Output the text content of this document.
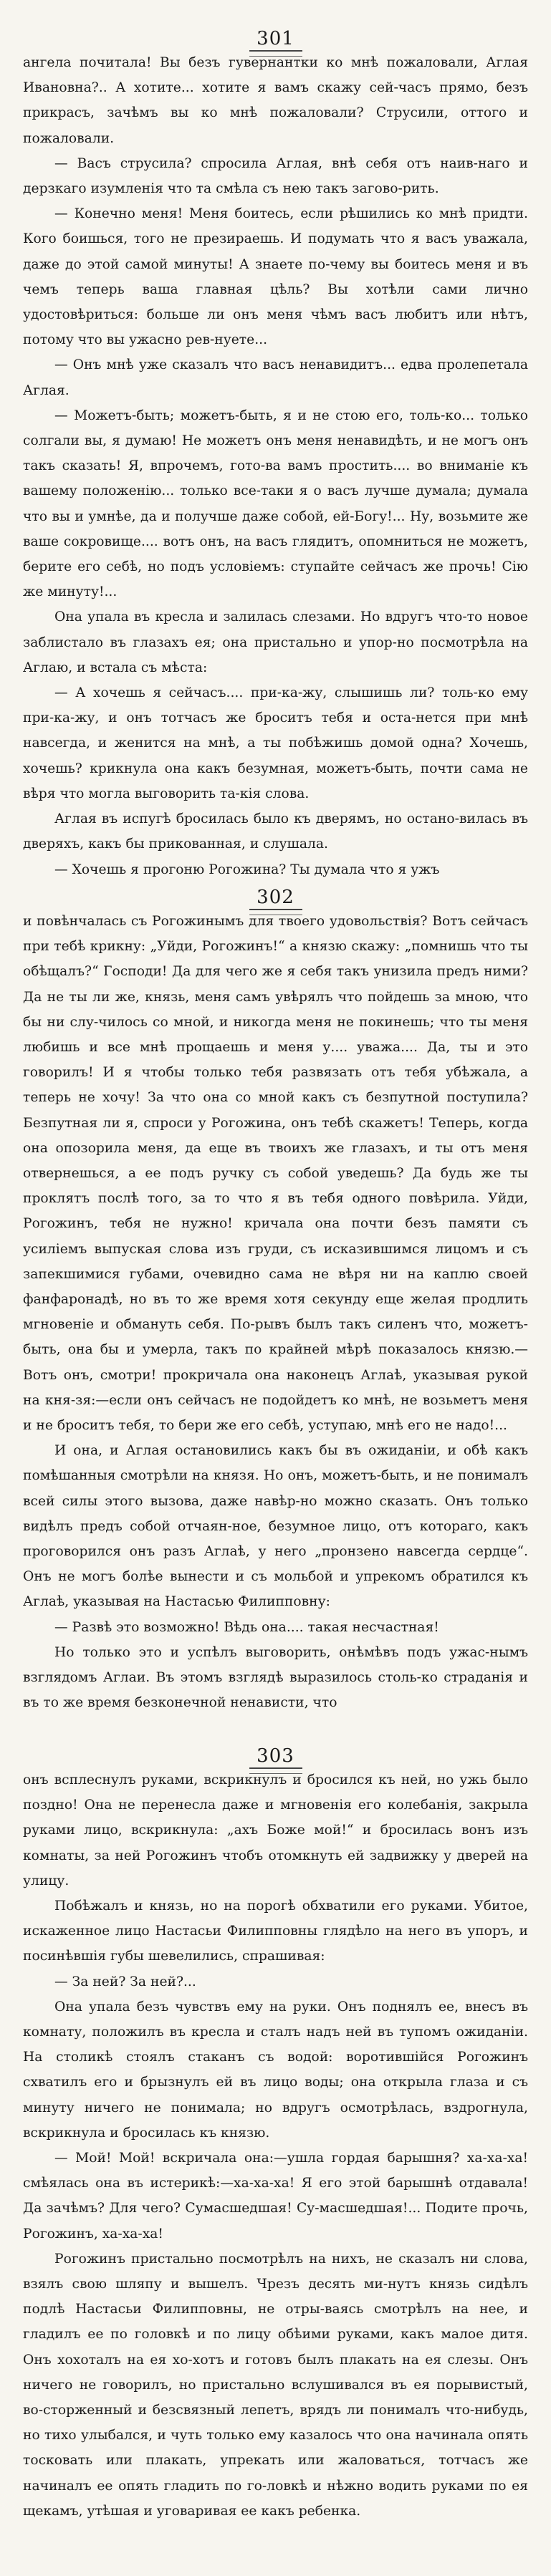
301

ангела почитала! Вы безъ гувернантки ко мнѣ пожаловали, Аглая Ивановна?.. А хотите... хотите я вамъ скажу сей-часъ прямо, безъ прикрасъ, зачѣмъ вы ко мнѣ пожаловали? Струсили, оттого и пожаловали.

— Васъ струсила? спросила Аглая, внѣ себя отъ наив-наго и дерзкаго изумленія что та смѣла съ нею такъ загово-рить.

— Конечно меня! Меня боитесь, если рѣшились ко мнѣ придти. Кого боишься, того не презираешь. И подумать что я васъ уважала, даже до этой самой минуты! А знаете по-чему вы боитесь меня и въ чемъ теперь ваша главная цѣль? Вы хотѣли сами лично удостовѣриться: больше ли онъ меня чѣмъ васъ любитъ или нѣтъ, потому что вы ужасно рев-нуете...

— Онъ мнѣ уже сказалъ что васъ ненавидитъ... едва пролепетала Аглая.

— Можетъ-быть; можетъ-быть, я и не стою его, толь-ко... только солгали вы, я думаю! Не можетъ онъ меня ненавидѣть, и не могъ онъ такъ сказать! Я, впрочемъ, гото-ва вамъ простить.... во вниманіе къ вашему положенію... только все-таки я о васъ лучше думала; думала что вы и умнѣе, да и получше даже собой, ей-Богу!... Ну, возьмите же ваше сокровище.... вотъ онъ, на васъ глядитъ, опомниться не можетъ, берите его себѣ, но подъ условіемъ: ступайте сейчасъ же прочь! Сію же минуту!...

Она упала въ кресла и залилась слезами. Но вдругъ что-то новое заблистало въ глазахъ ея; она пристально и упор-но посмотрѣла на Аглаю, и встала съ мѣста:

— А хочешь я сейчасъ.... при-ка-жу, слышишь ли? толь-ко ему при-ка-жу, и онъ тотчасъ же броситъ тебя и оста-нется при мнѣ навсегда, и женится на мнѣ, а ты побѣжишь домой одна? Хочешь, хочешь? крикнула она какъ безумная, можетъ-быть, почти сама не вѣря что могла выговорить та-кія слова.

Аглая въ испугѣ бросилась было къ дверямъ, но остано-вилась въ дверяхъ, какъ бы прикованная, и слушала.

— Хочешь я прогоню Рогожина? Ты думала что я ужъ

302

и повѣнчалась съ Рогожинымъ для твоего удовольствія? Вотъ сейчасъ при тебѣ крикну: „Уйди, Рогожинъ!“ а князю скажу: „помнишь что ты обѣщалъ?“ Господи! Да для чего же я себя такъ унизила предъ ними? Да не ты ли же, князь, меня самъ увѣрялъ что пойдешь за мною, что бы ни слу-чилось со мной, и никогда меня не покинешь; что ты меня любишь и все мнѣ прощаешь и меня у.... уважа.... Да, ты и это говорилъ! И я чтобы только тебя развязать отъ тебя убѣжала, а теперь не хочу! За что она со мной какъ съ безпутной поступила? Безпутная ли я, спроси у Рогожина, онъ тебѣ скажетъ! Теперь, когда она опозорила меня, да еще въ твоихъ же глазахъ, и ты отъ меня отвернешься, а ее подъ ручку съ собой уведешь? Да будь же ты проклятъ послѣ того, за то что я въ тебя одного повѣрила. Уйди, Рогожинъ, тебя не нужно! кричала она почти безъ памяти съ усиліемъ выпуская слова изъ груди, съ исказившимся лицомъ и съ запекшимися губами, очевидно сама не вѣря ни на каплю своей фанфаронадѣ, но въ то же время хотя секунду еще желая продлить мгновеніе и обмануть себя. По-рывъ былъ такъ силенъ что, можетъ-быть, она бы и умерла, такъ по крайней мѣрѣ показалось князю.—Вотъ онъ, смотри! прокричала она наконецъ Аглаѣ, указывая рукой на кня-зя:—если онъ сейчасъ не подойдетъ ко мнѣ, не возьметъ меня и не броситъ тебя, то бери же его себѣ, уступаю, мнѣ его не надо!...

И она, и Аглая остановились какъ бы въ ожиданіи, и обѣ какъ помѣшанныя смотрѣли на князя. Но онъ, можетъ-быть, и не понималъ всей силы этого вызова, даже навѣр-но можно сказать. Онъ только видѣлъ предъ собой отчаян-ное, безумное лицо, отъ котораго, какъ проговорился онъ разъ Аглаѣ, у него „пронзено навсегда сердце“. Онъ не могъ болѣе вынести и съ мольбой и упрекомъ обратился къ Аглаѣ, указывая на Настасью Филипповну:

— Развѣ это возможно! Вѣдь она.... такая несчастная!

Но только это и успѣлъ выговорить, онѣмѣвъ подъ ужас-нымъ взглядомъ Аглаи. Въ этомъ взглядѣ выразилось столь-ко страданія и въ то же время безконечной ненависти, что

303

онъ всплеснулъ руками, вскрикнулъ и бросился къ ней, но ужь было поздно! Она не перенесла даже и мгновенія его колебанія, закрыла руками лицо, вскрикнула: „ахъ Боже мой!“ и бросилась вонъ изъ комнаты, за ней Рогожинъ чтобъ отомкнуть ей задвижку у дверей на улицу.

Побѣжалъ и князь, но на порогѣ обхватили его руками. Убитое, искаженное лицо Настасьи Филипповны глядѣло на него въ упоръ, и посинѣвшія губы шевелились, спрашивая:

— За ней? За ней?...

Она упала безъ чувствъ ему на руки. Онъ поднялъ ее, внесъ въ комнату, положилъ въ кресла и сталъ надъ ней въ тупомъ ожиданіи. На столикѣ стоялъ стаканъ съ водой: воротившійся Рогожинъ схватилъ его и брызнулъ ей въ лицо воды; она открыла глаза и съ минуту ничего не понимала; но вдругъ осмотрѣлась, вздрогнула, вскрикнула и бросилась къ князю.

— Мой! Мой! вскричала она:—ушла гордая барышня? ха-ха-ха! смѣялась она въ истерикѣ:—ха-ха-ха! Я его этой барышнѣ отдавала! Да зачѣмъ? Для чего? Сумасшедшая! Су-масшедшая!... Подите прочь, Рогожинъ, ха-ха-ха!

Рогожинъ пристально посмотрѣлъ на нихъ, не сказалъ ни слова, взялъ свою шляпу и вышелъ. Чрезъ десять ми-нутъ князь сидѣлъ подлѣ Настасьи Филипповны, не отры-ваясь смотрѣлъ на нее, и гладилъ ее по головкѣ и по лицу обѣими руками, какъ малое дитя. Онъ хохоталъ на ея хо-хотъ и готовъ былъ плакать на ея слезы. Онъ ничего не говорилъ, но пристально вслушивался въ ея порывистый, во-сторженный и безсвязный лепетъ, врядъ ли понималъ что-нибудь, но тихо улыбался, и чуть только ему казалось что она начинала опять тосковать или плакать, упрекать или жаловаться, тотчасъ же начиналъ ее опять гладить по го-ловкѣ и нѣжно водить руками по ея щекамъ, утѣшая и уговаривая ее какъ ребенка.
